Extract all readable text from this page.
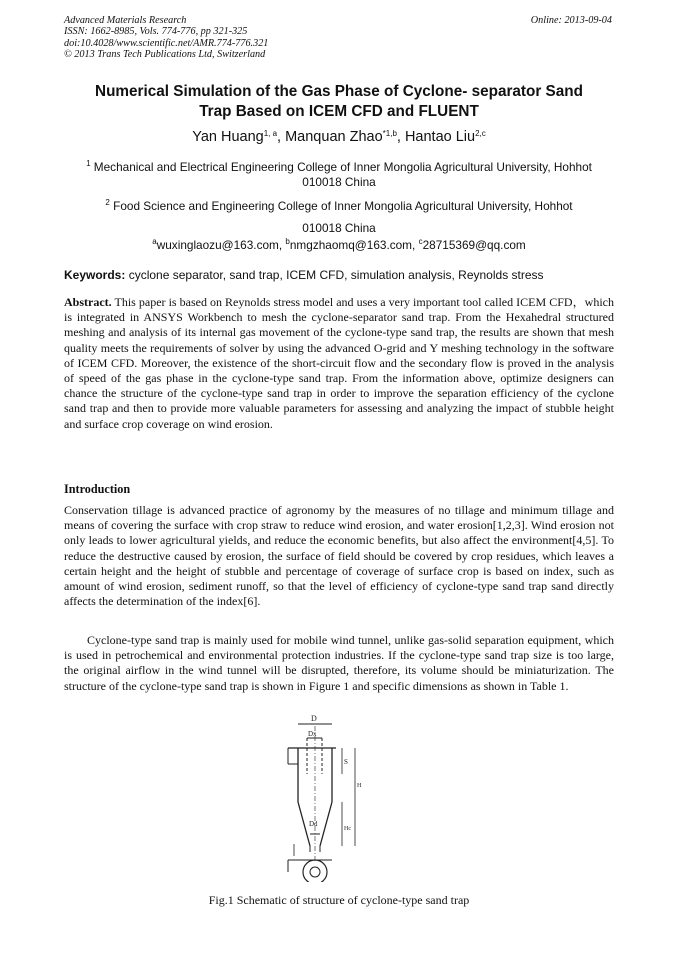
Advanced Materials Research
ISSN: 1662-8985, Vols. 774-776, pp 321-325
doi:10.4028/www.scientific.net/AMR.774-776.321
© 2013 Trans Tech Publications Ltd, Switzerland
Online: 2013-09-04
Numerical Simulation of the Gas Phase of Cyclone- separator Sand
Trap Based on ICEM CFD and FLUENT
Yan Huang$^{1, a}$, Manquan Zhao$^{*1,b}$, Hantao Liu$^{2,c}$
$^1$ Mechanical and Electrical Engineering College of Inner Mongolia Agricultural University, Hohhot
010018 China
$^2$ Food Science and Engineering College of Inner Mongolia Agricultural University, Hohhot
010018 China
$^a$wuxinglaozu@163.com, $^b$nmgzhaomq@163.com, $^c$28715369@qq.com
Keywords: cyclone separator, sand trap, ICEM CFD, simulation analysis, Reynolds stress

Abstract. This paper is based on Reynolds stress model and uses a very important tool called ICEM CFD，which is integrated in ANSYS Workbench to mesh the cyclone-separator sand trap. From the Hexahedral structured meshing and analysis of its internal gas movement of the cyclone-type sand trap, the results are shown that mesh quality meets the requirements of solver by using the advanced O-grid and Y meshing technology in the software of ICEM CFD. Moreover, the existence of the short-circuit flow and the secondary flow is proved in the analysis of speed of the gas phase in the cyclone-type sand trap. From the information above, optimize designers can chance the structure of the cyclone-type sand trap in order to improve the separation efficiency of the cyclone sand trap and then to provide more valuable parameters for assessing and analyzing the impact of stubble height and surface crop coverage on wind erosion.

Introduction

Conservation tillage is advanced practice of agronomy by the measures of no tillage and minimum tillage and means of covering the surface with crop straw to reduce wind erosion, and water erosion[1,2,3]. Wind erosion not only leads to lower agricultural yields, and reduce the economic benefits, but also affect the environment[4,5]. To reduce the destructive caused by erosion, the surface of field should be covered by crop residues, which leaves a certain height and the height of stubble and percentage of coverage of surface crop is based on index, such as amount of wind erosion, sediment runoff, so that the level of efficiency of cyclone-type sand trap sand directly affects the determination of the index[6].

Cyclone-type sand trap is mainly used for mobile wind tunnel, unlike gas-solid separation equipment, which is used in petrochemical and environmental protection industries. If the cyclone-type sand trap size is too large, the original airflow in the wind tunnel will be disrupted, therefore, its volume should be miniaturization. The structure of the cyclone-type sand trap is shown in Figure 1 and specific dimensions as shown in Table 1.

D
Dx
Dd
S
H
Hc
Fig.1 Schematic of structure of cyclone-type sand trap
